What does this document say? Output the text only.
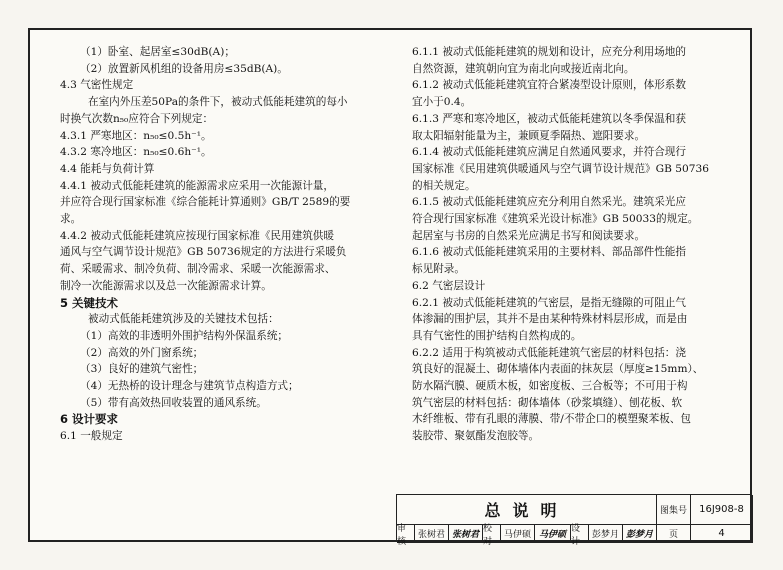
（1）卧室、起居室≤30dB(A)；
（2）放置新风机组的设备用房≤35dB(A)。
4.3 气密性规定
在室内外压差50Pa的条件下，被动式低能耗建筑的每小
时换气次数n₅₀应符合下列规定：
4.3.1 严寒地区：n₅₀≤0.5h⁻¹。
4.3.2 寒冷地区：n₅₀≤0.6h⁻¹。
4.4 能耗与负荷计算
4.4.1 被动式低能耗建筑的能源需求应采用一次能源计量，
并应符合现行国家标准《综合能耗计算通则》GB/T 2589的要
求。
4.4.2 被动式低能耗建筑应按现行国家标准《民用建筑供暖
通风与空气调节设计规范》GB 50736规定的方法进行采暖负
荷、采暖需求、制冷负荷、制冷需求、采暖一次能源需求、
制冷一次能源需求以及总一次能源需求计算。
5 关键技术
被动式低能耗建筑涉及的关键技术包括：
（1）高效的非透明外围护结构外保温系统；
（2）高效的外门窗系统；
（3）良好的建筑气密性；
（4）无热桥的设计理念与建筑节点构造方式；
（5）带有高效热回收装置的通风系统。
6 设计要求
6.1 一般规定
6.1.1 被动式低能耗建筑的规划和设计，应充分利用场地的
自然资源，建筑朝向宜为南北向或接近南北向。
6.1.2 被动式低能耗建筑宜符合紧凑型设计原则，体形系数
宜小于0.4。
6.1.3 严寒和寒冷地区，被动式低能耗建筑以冬季保温和获
取太阳辐射能量为主，兼顾夏季隔热、遮阳要求。
6.1.4 被动式低能耗建筑应满足自然通风要求，并符合现行
国家标准《民用建筑供暖通风与空气调节设计规范》GB 50736
的相关规定。
6.1.5 被动式低能耗建筑应充分利用自然采光。建筑采光应
符合现行国家标准《建筑采光设计标准》GB 50033的规定。
起居室与书房的自然采光应满足书写和阅读要求。
6.1.6 被动式低能耗建筑采用的主要材料、部品部件性能指
标见附录。
6.2 气密层设计
6.2.1 被动式低能耗建筑的气密层，是指无缝隙的可阻止气
体渗漏的围护层，其并不是由某种特殊材料层形成，而是由
具有气密性的围护结构自然构成的。
6.2.2 适用于构筑被动式低能耗建筑气密层的材料包括：浇
筑良好的混凝土、砌体墙体内表面的抹灰层（厚度≥15mm）、
防水隔汽膜、硬质木板，如密度板、三合板等；不可用于构
筑气密层的材料包括：砌体墙体（砂浆填缝）、刨花板、软
木纤维板、带有孔眼的薄膜、带/不带企口的模塑聚苯板、包
装胶带、聚氨酯发泡胶等。
总说明	图集号	16J908-8
审核
张树君 张树君
校对
马伊硕 马伊硕
设计
彭梦月 彭梦月	页	4
